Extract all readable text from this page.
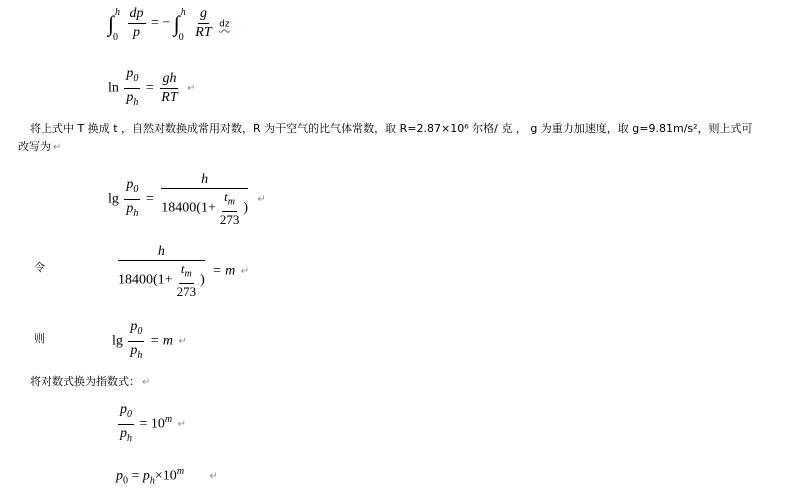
∫ h
0
$\frac{dp}{p}$ = − ∫ h
0
$\frac{g}{RT}$ dz
$\ln \frac{p_0}{p_h} = \frac{gh}{RT}$ ↵
将上式中 T 换成 t ，自然对数换成常用对数，R 为干空气的比气体常数，取 R=2.87×10⁶ 尔格/ 克 ， g 为重力加速度，取 g=9.81m/s²，则上式可
改写为 ↵
$\lg \frac{p_0}{p_h} = \frac{h}{18400(1+ \frac{t_m}{273} )}$ ↵
令	$\frac{h}{18400(1+ \frac{t_m}{273} )} = m$ ↵
则	$\lg \frac{p_0}{p_h} = m$ ↵
将对数式换为指数式： ↵
$\frac{p_0}{p_h} = 10^m$ ↵
$p_0 = p_h\times 10^m$	↵
